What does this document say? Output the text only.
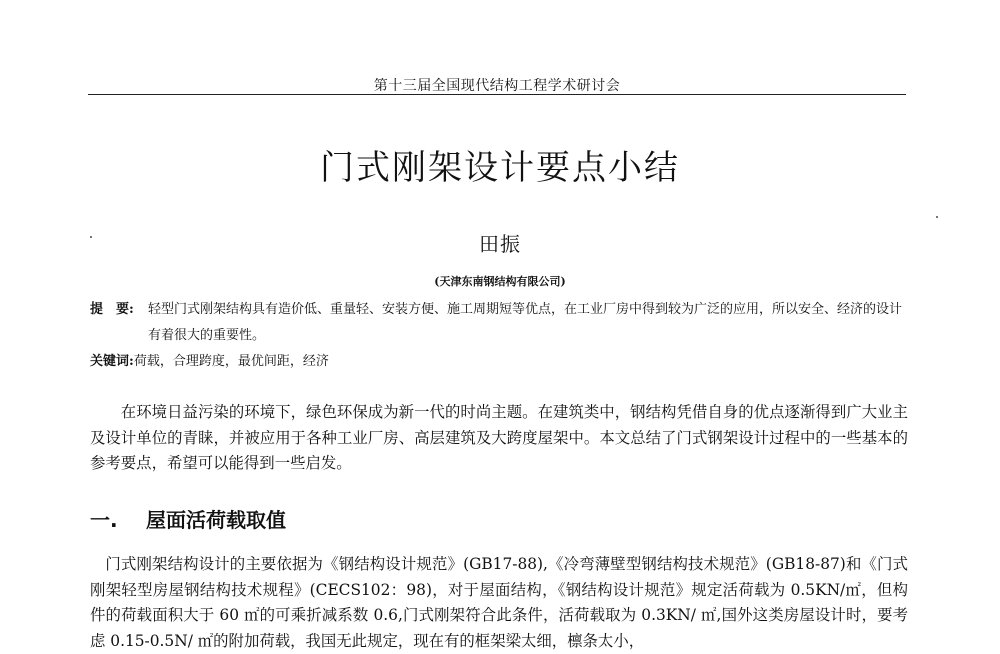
第十三届全国现代结构工程学术研讨会
门式刚架设计要点小结
田振
(天津东南钢结构有限公司)
提　要: 轻型门式刚架结构具有造价低、重量轻、安装方便、施工周期短等优点，在工业厂房中得到较为广泛的应用，所以安全、经济的设计有着很大的重要性。
关键词:荷载，合理跨度，最优间距，经济
在环境日益污染的环境下，绿色环保成为新一代的时尚主题。在建筑类中，钢结构凭借自身的优点逐渐得到广大业主及设计单位的青睐，并被应用于各种工业厂房、高层建筑及大跨度屋架中。本文总结了门式钢架设计过程中的一些基本的参考要点，希望可以能得到一些启发。
一. 屋面活荷载取值
门式刚架结构设计的主要依据为《钢结构设计规范》(GB17-88),《冷弯薄壁型钢结构技术规范》(GB18-87)和《门式刚架轻型房屋钢结构技术规程》(CECS102：98)，对于屋面结构，《钢结构设计规范》规定活荷载为 0.5KN/㎡，但构件的荷载面积大于 60 ㎡的可乘折减系数 0.6,门式刚架符合此条件，活荷载取为 0.3KN/ ㎡,国外这类房屋设计时，要考虑 0.15-0.5N/ ㎡的附加荷载，我国无此规定，现在有的框架梁太细，檩条太小，
